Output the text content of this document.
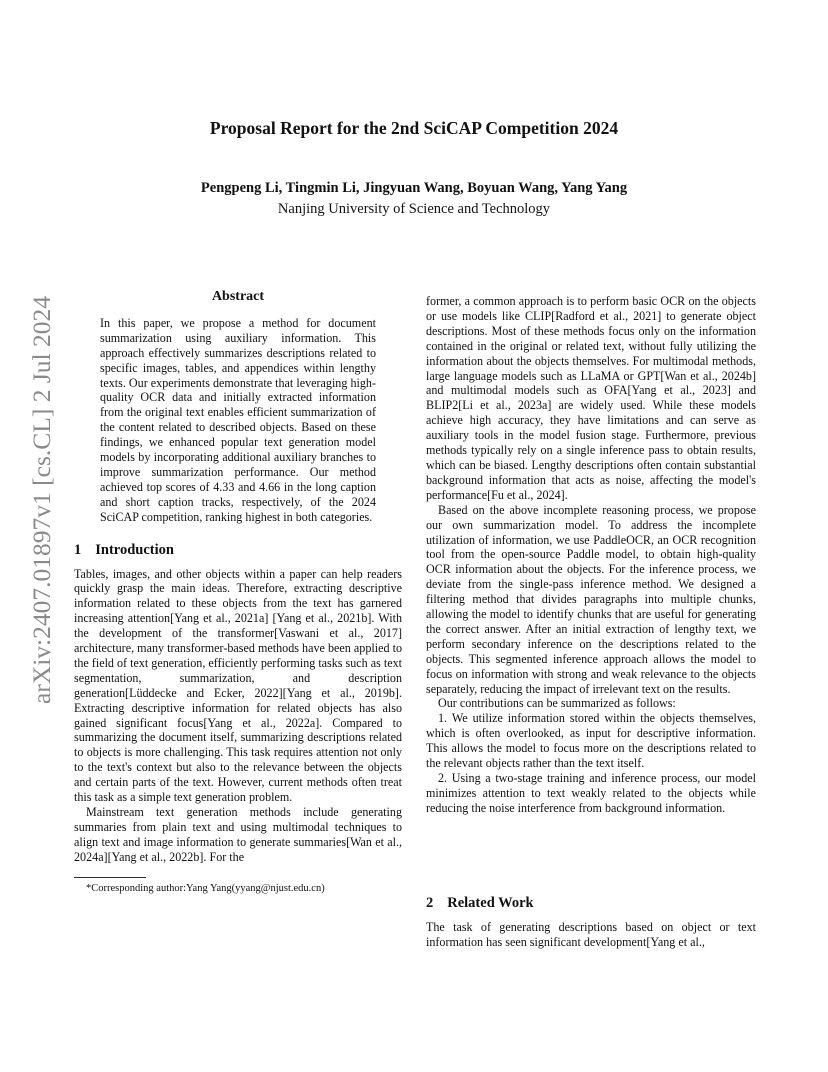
arXiv:2407.01897v1 [cs.CL] 2 Jul 2024
Proposal Report for the 2nd SciCAP Competition 2024
Pengpeng Li, Tingmin Li, Jingyuan Wang, Boyuan Wang, Yang Yang
Nanjing University of Science and Technology
Abstract

In this paper, we propose a method for document summarization using auxiliary information. This approach effectively summarizes descriptions related to specific images, tables, and appendices within lengthy texts. Our experiments demonstrate that leveraging high-quality OCR data and initially extracted information from the original text enables efficient summarization of the content related to described objects. Based on these findings, we enhanced popular text generation model models by incorporating additional auxiliary branches to improve summarization performance. Our method achieved top scores of 4.33 and 4.66 in the long caption and short caption tracks, respectively, of the 2024 SciCAP competition, ranking highest in both categories.

1 Introduction

Tables, images, and other objects within a paper can help readers quickly grasp the main ideas. Therefore, extracting descriptive information related to these objects from the text has garnered increasing attention[Yang et al., 2021a] [Yang et al., 2021b]. With the development of the transformer[Vaswani et al., 2017] architecture, many transformer-based methods have been applied to the field of text generation, efficiently performing tasks such as text segmentation, summarization, and description generation[Lüddecke and Ecker, 2022][Yang et al., 2019b]. Extracting descriptive information for related objects has also gained significant focus[Yang et al., 2022a]. Compared to summarizing the document itself, summarizing descriptions related to objects is more challenging. This task requires attention not only to the text's context but also to the relevance between the objects and certain parts of the text. However, current methods often treat this task as a simple text generation problem.

Mainstream text generation methods include generating summaries from plain text and using multimodal techniques to align text and image information to generate summaries[Wan et al., 2024a][Yang et al., 2022b]. For the

*Corresponding author:Yang Yang(yyang@njust.edu.cn)

former, a common approach is to perform basic OCR on the objects or use models like CLIP[Radford et al., 2021] to generate object descriptions. Most of these methods focus only on the information contained in the original or related text, without fully utilizing the information about the objects themselves. For multimodal methods, large language models such as LLaMA or GPT[Wan et al., 2024b] and multimodal models such as OFA[Yang et al., 2023] and BLIP2[Li et al., 2023a] are widely used. While these models achieve high accuracy, they have limitations and can serve as auxiliary tools in the model fusion stage. Furthermore, previous methods typically rely on a single inference pass to obtain results, which can be biased. Lengthy descriptions often contain substantial background information that acts as noise, affecting the model's performance[Fu et al., 2024].

Based on the above incomplete reasoning process, we propose our own summarization model. To address the incomplete utilization of information, we use PaddleOCR, an OCR recognition tool from the open-source Paddle model, to obtain high-quality OCR information about the objects. For the inference process, we deviate from the single-pass inference method. We designed a filtering method that divides paragraphs into multiple chunks, allowing the model to identify chunks that are useful for generating the correct answer. After an initial extraction of lengthy text, we perform secondary inference on the descriptions related to the objects. This segmented inference approach allows the model to focus on information with strong and weak relevance to the objects separately, reducing the impact of irrelevant text on the results.

Our contributions can be summarized as follows:

1. We utilize information stored within the objects themselves, which is often overlooked, as input for descriptive information. This allows the model to focus more on the descriptions related to the relevant objects rather than the text itself.

2. Using a two-stage training and inference process, our model minimizes attention to text weakly related to the objects while reducing the noise interference from background information.

2 Related Work

The task of generating descriptions based on object or text information has seen significant development[Yang et al.,
